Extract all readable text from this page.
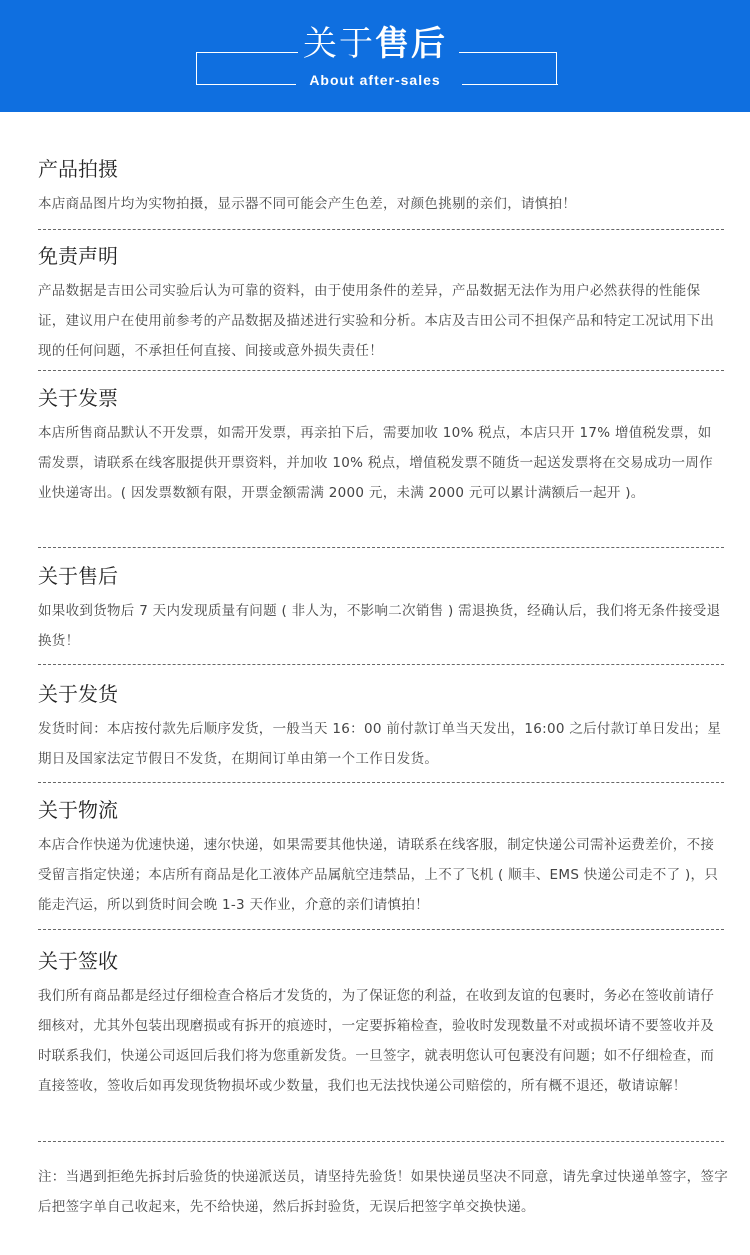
关于售后
About after-sales
产品拍摄

本店商品图片均为实物拍摄，显示器不同可能会产生色差，对颜色挑剔的亲们，请慎拍！

免责声明

产品数据是吉田公司实验后认为可靠的资料，由于使用条件的差异，产品数据无法作为用户必然获得的性能保证，建议用户在使用前参考的产品数据及描述进行实验和分析。本店及吉田公司不担保产品和特定工况试用下出现的任何问题，不承担任何直接、间接或意外损失责任！

关于发票

本店所售商品默认不开发票，如需开发票，再亲拍下后，需要加收 10% 税点，本店只开 17% 增值税发票，如需发票，请联系在线客服提供开票资料，并加收 10% 税点，增值税发票不随货一起送发票将在交易成功一周作业快递寄出。( 因发票数额有限，开票金额需满 2000 元，未满 2000 元可以累计满额后一起开 )。

关于售后

如果收到货物后 7 天内发现质量有问题 ( 非人为，不影响二次销售 ) 需退换货，经确认后，我们将无条件接受退换货！

关于发货

发货时间：本店按付款先后顺序发货，一般当天 16：00 前付款订单当天发出，16:00 之后付款订单日发出；星期日及国家法定节假日不发货，在期间订单由第一个工作日发货。

关于物流

本店合作快递为优速快递，速尔快递，如果需要其他快递，请联系在线客服，制定快递公司需补运费差价，不接受留言指定快递；本店所有商品是化工液体产品属航空违禁品，上不了飞机 ( 顺丰、EMS 快递公司走不了 )，只能走汽运，所以到货时间会晚 1-3 天作业，介意的亲们请慎拍！

关于签收

我们所有商品都是经过仔细检查合格后才发货的，为了保证您的利益，在收到友谊的包裹时，务必在签收前请仔细核对，尤其外包装出现磨损或有拆开的痕迹时，一定要拆箱检查，验收时发现数量不对或损坏请不要签收并及时联系我们，快递公司返回后我们将为您重新发货。一旦签字，就表明您认可包裹没有问题；如不仔细检查，而直接签收，签收后如再发现货物损坏或少数量，我们也无法找快递公司赔偿的，所有概不退还，敬请谅解！

注：当遇到拒绝先拆封后验货的快递派送员，请坚持先验货！如果快递员坚决不同意，请先拿过快递单签字，签字后把签字单自己收起来，先不给快递，然后拆封验货，无误后把签字单交换快递。
